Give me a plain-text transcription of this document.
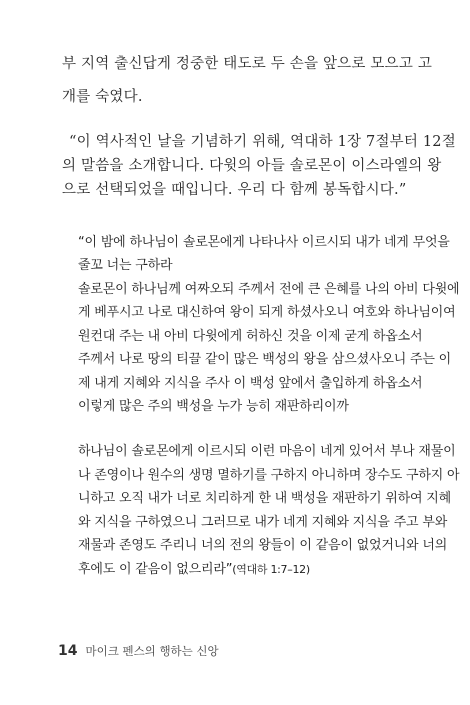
부 지역 출신답게 정중한 태도로 두 손을 앞으로 모으고 고
개를 숙였다.
“이 역사적인 날을 기념하기 위해, 역대하 1장 7절부터 12절
의 말씀을 소개합니다. 다윗의 아들 솔로몬이 이스라엘의 왕
으로 선택되었을 때입니다. 우리 다 함께 봉독합시다.”
“이 밤에 하나님이 솔로몬에게 나타나사 이르시되 내가 네게 무엇을
줄꼬 너는 구하라
솔로몬이 하나님께 여짜오되 주께서 전에 큰 은혜를 나의 아비 다윗에
게 베푸시고 나로 대신하여 왕이 되게 하셨사오니 여호와 하나님이여
원컨대 주는 내 아비 다윗에게 허하신 것을 이제 굳게 하옵소서
주께서 나로 땅의 티끌 같이 많은 백성의 왕을 삼으셨사오니 주는 이
제 내게 지혜와 지식을 주사 이 백성 앞에서 출입하게 하옵소서
이렇게 많은 주의 백성을 누가 능히 재판하리이까
하나님이 솔로몬에게 이르시되 이런 마음이 네게 있어서 부나 재물이
나 존영이나 원수의 생명 멸하기를 구하지 아니하며 장수도 구하지 아
니하고 오직 내가 너로 치리하게 한 내 백성을 재판하기 위하여 지혜
와 지식을 구하였으니 그러므로 내가 네게 지혜와 지식을 주고 부와
재물과 존영도 주리니 너의 전의 왕들이 이 같음이 없었거니와 너의
후에도 이 같음이 없으리라”(역대하 1:7–12)
14 마이크 펜스의 행하는 신앙
